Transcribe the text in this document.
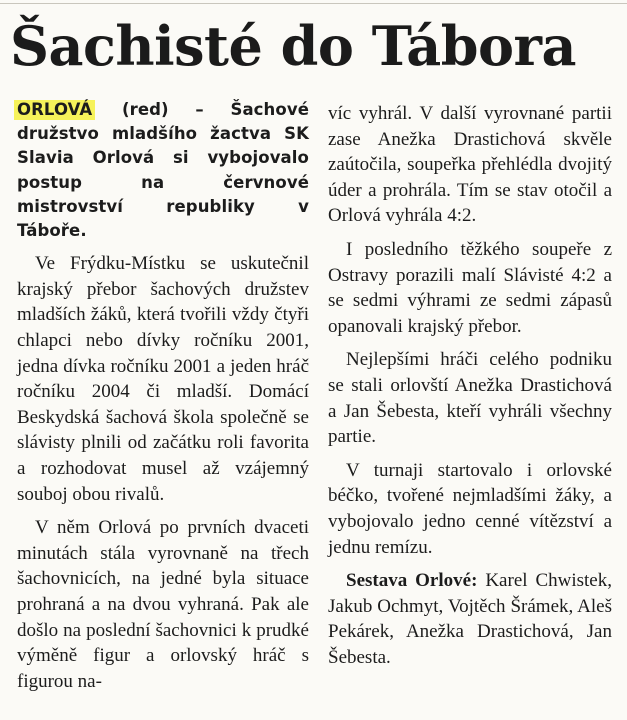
Šachisté do Tábora

ORLOVÁ (red) – Šachové družstvo mladšího žactva SK Slavia Orlová si vybojovalo postup na červnové mistrovství republiky v Táboře.

Ve Frýdku-Místku se uskutečnil krajský přebor šachových družstev mladších žáků, která tvořili vždy čtyři chlapci nebo dívky ročníku 2001, jedna dívka ročníku 2001 a jeden hráč ročníku 2004 či mladší. Domácí Beskydská šachová škola společně se slávisty plnili od začátku roli favorita a rozhodovat musel až vzájemný souboj obou rivalů.

V něm Orlová po prvních dvaceti minutách stála vyrovnaně na třech šachovnicích, na jedné byla situace prohraná a na dvou vyhraná. Pak ale došlo na poslední šachovnici k prudké výměně figur a orlovský hráč s figurou na-

víc vyhrál. V další vyrovnané partii zase Anežka Drastichová skvěle zaútočila, soupeřka přehlédla dvojitý úder a prohrála. Tím se stav otočil a Orlová vyhrála 4:2.

I posledního těžkého soupeře z Ostravy porazili malí Slávisté 4:2 a se sedmi výhrami ze sedmi zápasů opanovali krajský přebor.

Nejlepšími hráči celého podniku se stali orlovští Anežka Drastichová a Jan Šebesta, kteří vyhráli všechny partie.

V turnaji startovalo i orlovské béčko, tvořené nejmladšími žáky, a vybojovalo jedno cenné vítězství a jednu remízu.

Sestava Orlové: Karel Chwistek, Jakub Ochmyt, Vojtěch Šrámek, Aleš Pekárek, Anežka Drastichová, Jan Šebesta.
